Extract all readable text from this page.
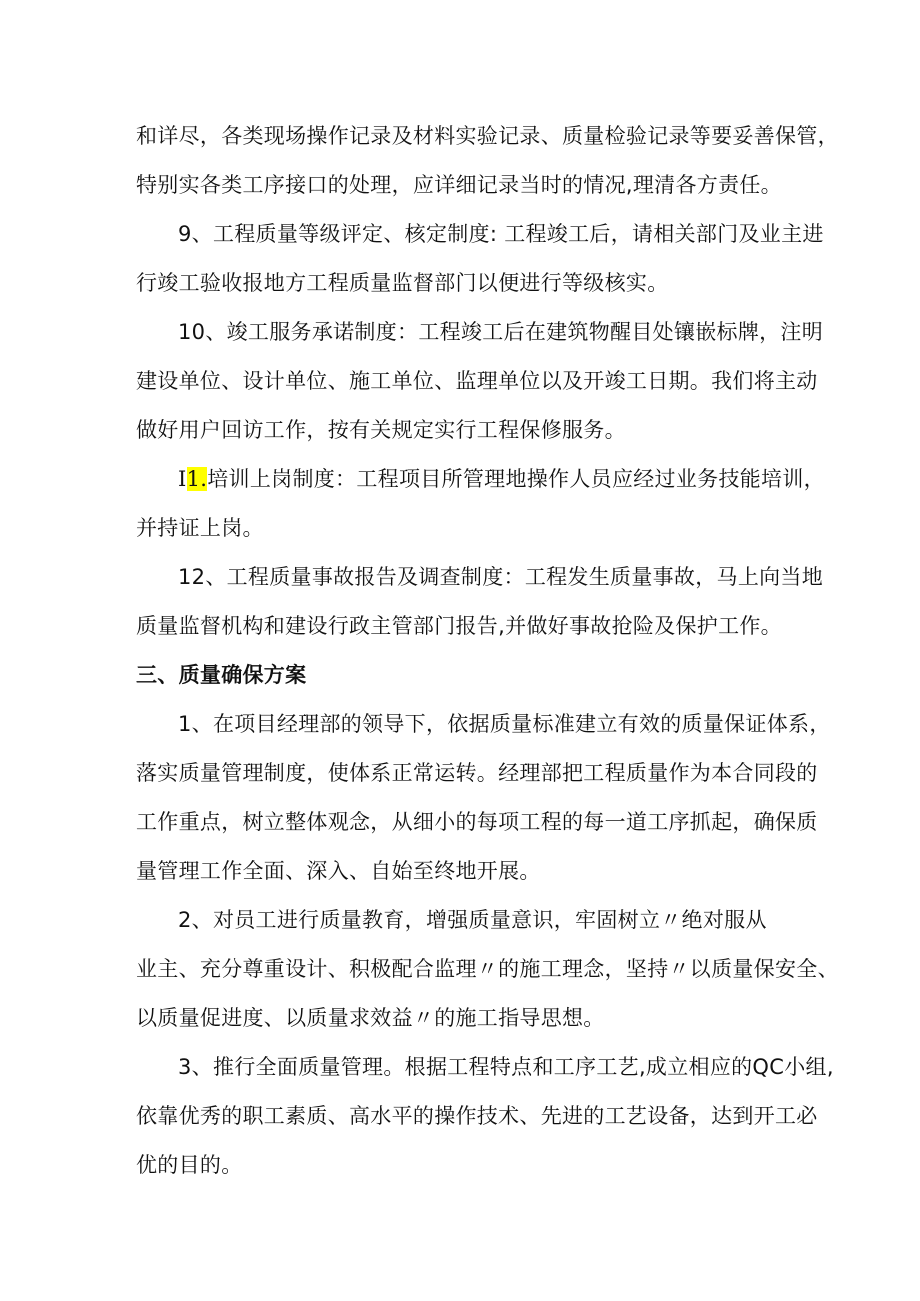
和详尽，各类现场操作记录及材料实验记录、质量检验记录等要妥善保管，
特别实各类工序接口的处理，应详细记录当时的情况,理清各方责任。
9、工程质量等级评定、核定制度: 工程竣工后，请相关部门及业主进
行竣工验收报地方工程质量监督部门以便进行等级核实。
10、竣工服务承诺制度：工程竣工后在建筑物醒目处镶嵌标牌，注明
建设单位、设计单位、施工单位、监理单位以及开竣工日期。我们将主动
做好用户回访工作，按有关规定实行工程保修服务。
I1.培训上岗制度：工程项目所管理地操作人员应经过业务技能培训，
并持证上岗。
12、工程质量事故报告及调查制度：工程发生质量事故，马上向当地
质量监督机构和建设行政主管部门报告,并做好事故抢险及保护工作。
三、质量确保方案
1、在项目经理部的领导下，依据质量标准建立有效的质量保证体系，
落实质量管理制度，使体系正常运转。经理部把工程质量作为本合同段的
工作重点，树立整体观念，从细小的每项工程的每一道工序抓起，确保质
量管理工作全面、深入、自始至终地开展。
2、对员工进行质量教育，增强质量意识，牢固树立〃绝对服从
业主、充分尊重设计、积极配合监理〃的施工理念，坚持〃以质量保安全、
以质量促进度、以质量求效益〃的施工指导思想。
3、推行全面质量管理。根据工程特点和工序工艺,成立相应的QC小组,
依靠优秀的职工素质、高水平的操作技术、先进的工艺设备，达到开工必
优的目的。
